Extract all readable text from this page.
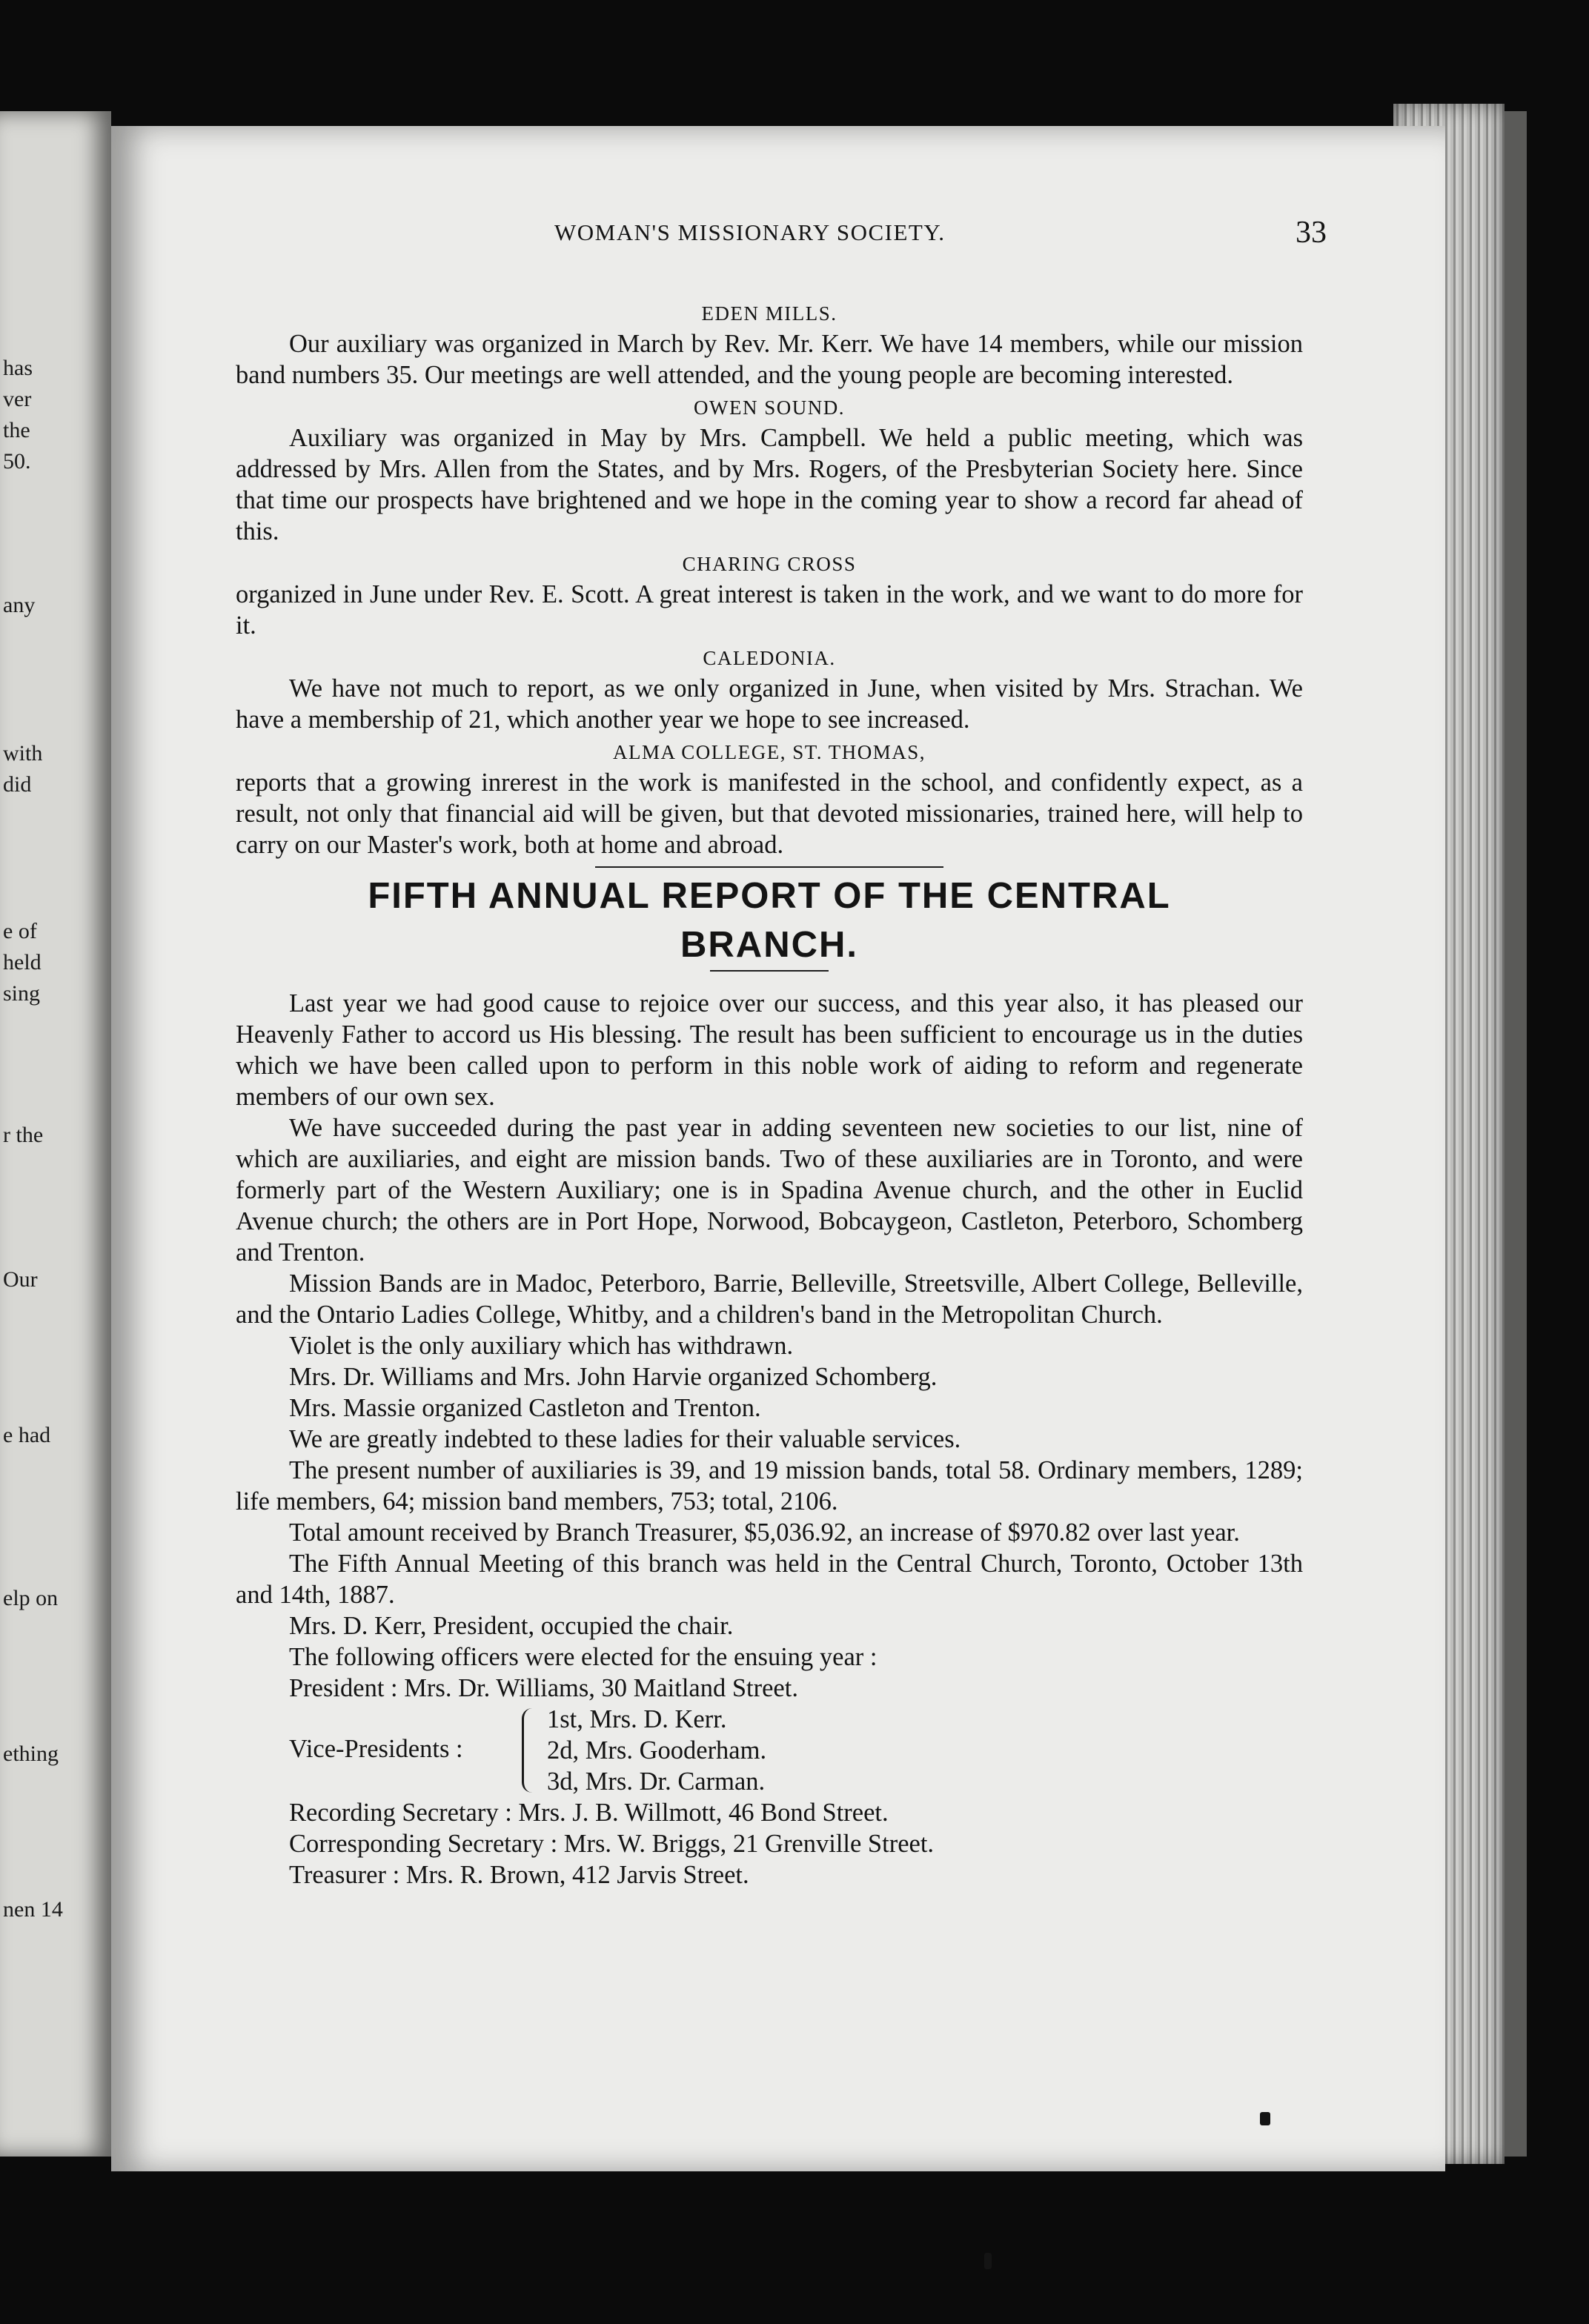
has
ver
the
50.
any
with
did
e of
held
sing
r the
Our
e had
elp on
ething
nen 14
WOMAN'S MISSIONARY SOCIETY.	33
EDEN MILLS.

Our auxiliary was organized in March by Rev. Mr. Kerr. We have 14 members, while our mission band numbers 35. Our meetings are well attended, and the young people are becoming interested.

OWEN SOUND.

Auxiliary was organized in May by Mrs. Campbell. We held a public meeting, which was addressed by Mrs. Allen from the States, and by Mrs. Rogers, of the Presbyterian Society here. Since that time our prospects have brightened and we hope in the coming year to show a record far ahead of this.

CHARING CROSS

organized in June under Rev. E. Scott. A great interest is taken in the work, and we want to do more for it.

CALEDONIA.

We have not much to report, as we only organized in June, when visited by Mrs. Strachan. We have a membership of 21, which another year we hope to see increased.

ALMA COLLEGE, ST. THOMAS,

reports that a growing inrerest in the work is manifested in the school, and confidently expect, as a result, not only that financial aid will be given, but that devoted missionaries, trained here, will help to carry on our Master's work, both at home and abroad.

FIFTH ANNUAL REPORT OF THE CENTRAL
BRANCH.

Last year we had good cause to rejoice over our success, and this year also, it has pleased our Heavenly Father to accord us His blessing. The result has been sufficient to encourage us in the duties which we have been called upon to perform in this noble work of aiding to reform and regenerate members of our own sex.

We have succeeded during the past year in adding seventeen new societies to our list, nine of which are auxiliaries, and eight are mission bands. Two of these auxiliaries are in Toronto, and were formerly part of the Western Auxiliary; one is in Spadina Avenue church, and the other in Euclid Avenue church; the others are in Port Hope, Norwood, Bobcaygeon, Castleton, Peterboro, Schomberg and Trenton.

Mission Bands are in Madoc, Peterboro, Barrie, Belleville, Streetsville, Albert College, Belleville, and the Ontario Ladies College, Whitby, and a children's band in the Metropolitan Church.

Violet is the only auxiliary which has withdrawn.
Mrs. Dr. Williams and Mrs. John Harvie organized Schomberg.
Mrs. Massie organized Castleton and Trenton.
We are greatly indebted to these ladies for their valuable services.

The present number of auxiliaries is 39, and 19 mission bands, total 58. Ordinary members, 1289; life members, 64; mission band members, 753; total, 2106.

Total amount received by Branch Treasurer, $5,036.92, an increase of $970.82 over last year.

The Fifth Annual Meeting of this branch was held in the Central Church, Toronto, October 13th and 14th, 1887.

Mrs. D. Kerr, President, occupied the chair.
The following officers were elected for the ensuing year :
President : Mrs. Dr. Williams, 30 Maitland Street.
Vice-Presidents :
1st, Mrs. D. Kerr.
2d, Mrs. Gooderham.
3d, Mrs. Dr. Carman.
Recording Secretary : Mrs. J. B. Willmott, 46 Bond Street.
Corresponding Secretary : Mrs. W. Briggs, 21 Grenville Street.
Treasurer : Mrs. R. Brown, 412 Jarvis Street.
